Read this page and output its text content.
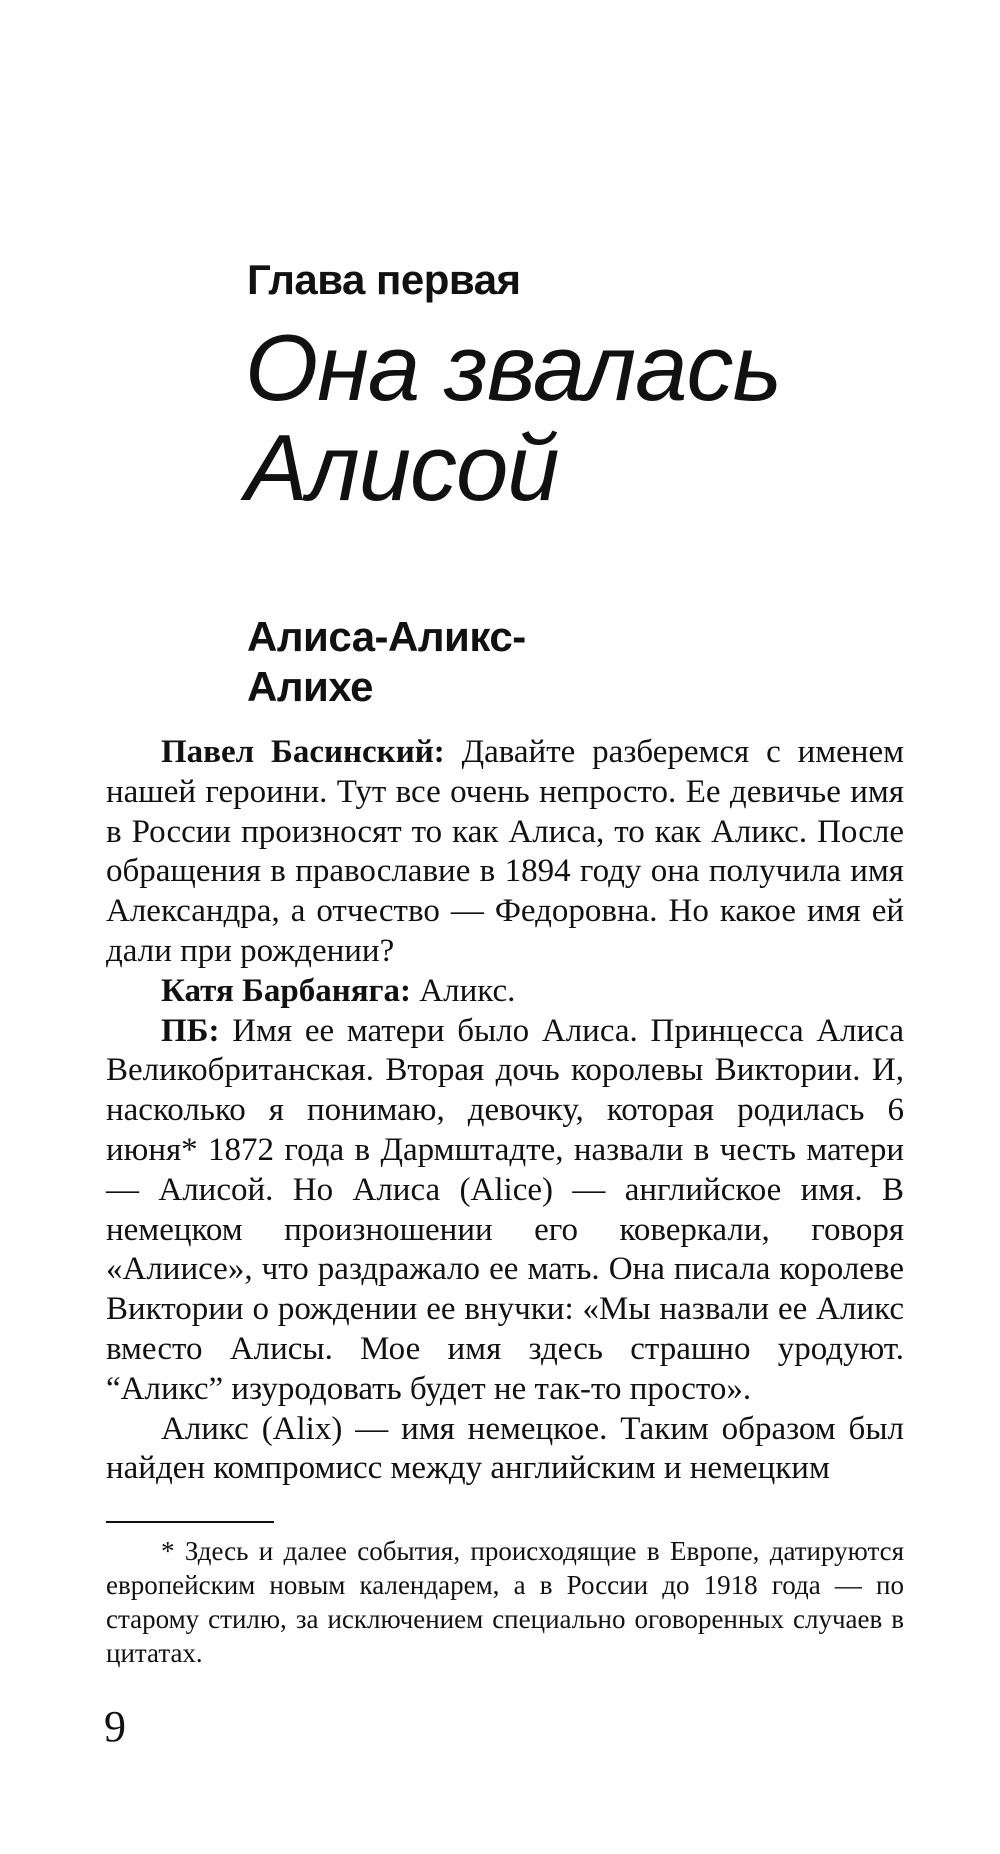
Глава первая
Она звалась Алисой
Алиса-Аликс-Алихе

Павел Басинский: Давайте разберемся с именем нашей героини. Тут все очень непросто. Ее девичье имя в России произносят то как Алиса, то как Аликс. После обращения в православие в 1894 году она получила имя Александра, а отчество — Федоровна. Но какое имя ей дали при рождении?

Катя Барбаняга: Аликс.

ПБ: Имя ее матери было Алиса. Принцесса Алиса Великобританская. Вторая дочь королевы Виктории. И, насколько я понимаю, девочку, которая родилась 6 июня* 1872 года в Дармштадте, назвали в честь матери — Алисой. Но Алиса (Alice) — английское имя. В немецком произношении его коверкали, говоря «Алиисе», что раздражало ее мать. Она писала королеве Виктории о рождении ее внучки: «Мы назвали ее Аликс вместо Алисы. Мое имя здесь страшно уродуют. “Аликс” изуродовать будет не так-то просто».

Аликс (Alix) — имя немецкое. Таким образом был найден компромисс между английским и немецким

* Здесь и далее события, происходящие в Европе, датируются европейским новым календарем, а в России до 1918 года — по старому стилю, за исключением специально оговоренных случаев в цитатах.

9
